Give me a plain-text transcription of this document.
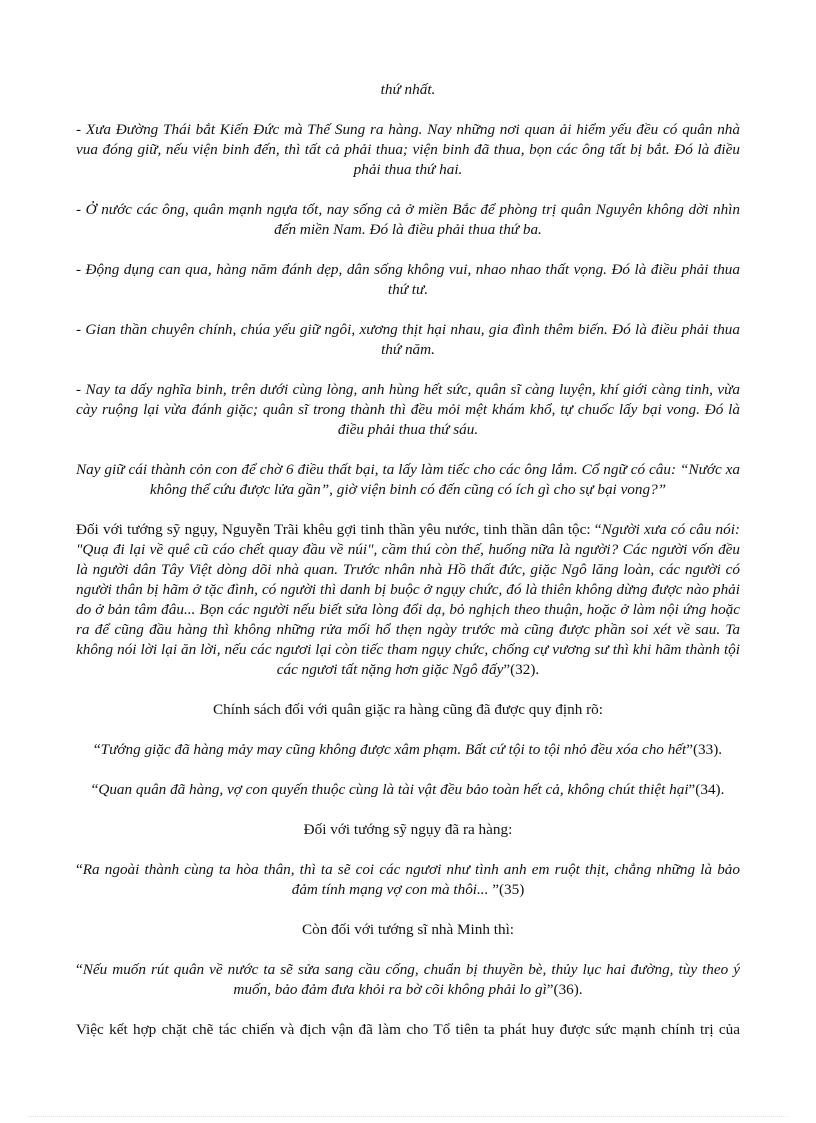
thứ nhất.

- Xưa Đường Thái bắt Kiến Đức mà Thế Sung ra hàng. Nay những nơi quan ải hiểm yếu đều có quân nhà vua đóng giữ, nếu viện binh đến, thì tất cả phải thua; viện binh đã thua, bọn các ông tất bị bắt. Đó là điều phải thua thứ hai.

- Ở nước các ông, quân mạnh ngựa tốt, nay sống cả ở miền Bắc để phòng trị quân Nguyên không dời nhìn đến miền Nam. Đó là điều phải thua thứ ba.

- Động dụng can qua, hàng năm đánh dẹp, dân sống không vui, nhao nhao thất vọng. Đó là điều phải thua thứ tư.

- Gian thần chuyên chính, chúa yếu giữ ngôi, xương thịt hại nhau, gia đình thêm biến. Đó là điều phải thua thứ năm.

- Nay ta dấy nghĩa binh, trên dưới cùng lòng, anh hùng hết sức, quân sĩ càng luyện, khí giới càng tinh, vừa cày ruộng lại vừa đánh giặc; quân sĩ trong thành thì đều mỏi mệt khám khổ, tự chuốc lấy bại vong. Đó là điều phải thua thứ sáu.

Nay giữ cái thành cỏn con để chờ 6 điều thất bại, ta lấy làm tiếc cho các ông lắm. Cổ ngữ có câu: “Nước xa không thể cứu được lửa gần”, giờ viện binh có đến cũng có ích gì cho sự bại vong?”

Đối với tướng sỹ ngụy, Nguyễn Trãi khêu gợi tinh thần yêu nước, tinh thần dân tộc: “Người xưa có câu nói: "Quạ đi lại về quê cũ cáo chết quay đầu về núi", cầm thú còn thế, huống nữa là người? Các người vốn đều là người dân Tây Việt dòng dõi nhà quan. Trước nhân nhà Hồ thất đức, giặc Ngô lăng loàn, các người có người thân bị hãm ở tặc đình, có người thì danh bị buộc ở ngụy chức, đó là thiên không dừng được nào phải do ở bản tâm đâu... Bọn các người nếu biết sửa lòng đổi dạ, bỏ nghịch theo thuận, hoặc ở làm nội ứng hoặc ra để cũng đầu hàng thì không những rửa mối hổ thẹn ngày trước mà cũng được phần soi xét về sau. Ta không nói lời lại ăn lời, nếu các ngươi lại còn tiếc tham ngụy chức, chống cự vương sư thì khi hãm thành tội các ngươi tất nặng hơn giặc Ngô đấy”(32).

Chính sách đối với quân giặc ra hàng cũng đã được quy định rõ:

“Tướng giặc đã hàng mảy may cũng không được xâm phạm. Bất cứ tội to tội nhỏ đều xóa cho hết”(33).

“Quan quân đã hàng, vợ con quyến thuộc cùng là tài vật đều bảo toàn hết cả, không chút thiệt hại”(34).

Đối với tướng sỹ ngụy đã ra hàng:

“Ra ngoài thành cùng ta hòa thân, thì ta sẽ coi các ngươi như tình anh em ruột thịt, chẳng những là bảo đảm tính mạng vợ con mà thôi... ”(35)

Còn đối với tướng sĩ nhà Minh thì:

“Nếu muốn rút quân về nước ta sẽ sửa sang cầu cống, chuẩn bị thuyền bè, thủy lục hai đường, tùy theo ý muốn, bảo đảm đưa khỏi ra bờ cõi không phải lo gì”(36).

Việc kết hợp chặt chẽ tác chiến và địch vận đã làm cho Tổ tiên ta phát huy được sức mạnh chính trị của
